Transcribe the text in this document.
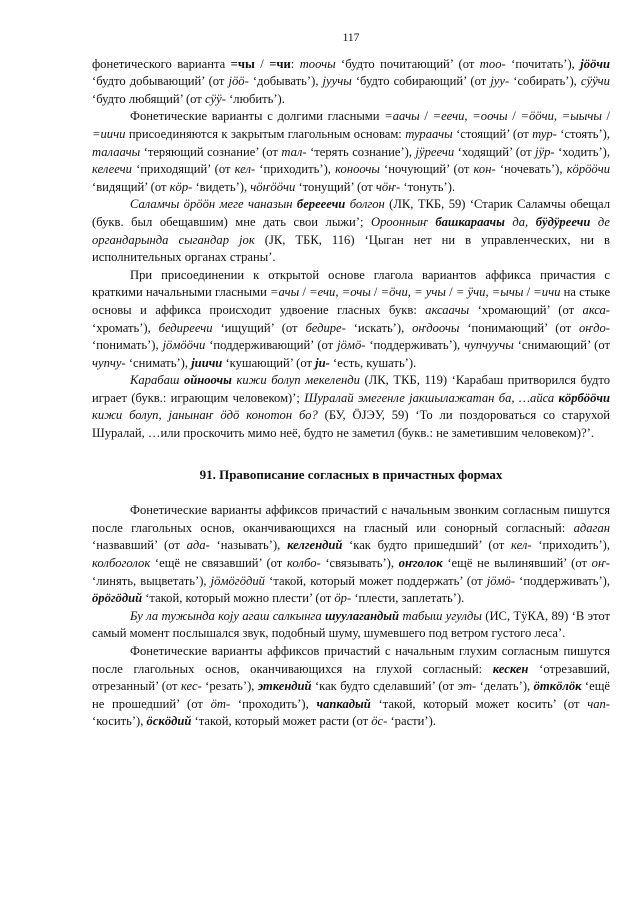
117

фонетического варианта =чы / =чи: тоочы ‘будто почитающий’ (от тоо- ‘почитать’), јööчи ‘будто добывающий’ (от јöö- ‘добывать’), јуучы ‘будто собирающий’ (от јуу- ‘собирать’), сÿÿчи ‘будто любящий’ (от сÿÿ- ‘любить’).

Фонетические варианты с долгими гласными =аачы / =еечи, =оочы / =ööчи, =ыычы / =иичи присоединяются к закрытым глагольным основам: тураачы ‘стоящий’ (от тур- ‘стоять’), талаачы ‘теряющий сознание’ (от тал- ‘терять сознание’), јÿреечи ‘ходящий’ (от јÿр- ‘ходить’), келеечи ‘приходящий’ (от кел- ‘приходить’), коноочы ‘ночующий’ (от кон- ‘ночевать’), кöрööчи ‘видящий’ (от кöр- ‘видеть’), чöҥööчи ‘тонущий’ (от чöҥ- ‘тонуть’).

Саламчы öрööн меге чаназын берееечи болгон (ЛК, ТКБ, 59) ‘Старик Саламчы обещал (букв. был обещавшим) мне дать свои лыжи’; Ороонныҥ башкараачы да, бÿдÿреечи де органдарында сыгандар јок (ЈК, ТБК, 116) ‘Цыган нет ни в управленческих, ни в исполнительных органах страны’.

При присоединении к открытой основе глагола вариантов аффикса причастия с краткими начальными гласными =ачы / =ечи, =очы / =öчи, = учы / = ÿчи, =ычы / =ичи на стыке основы и аффикса происходит удвоение гласных букв: аксаачы ‘хромающий’ (от акса- ‘хромать’), бедиреечи ‘ищущий’ (от бедире- ‘искать’), оҥдоочы ‘понимающий’ (от оҥдо- ‘понимать’), јöмööчи ‘поддерживающий’ (от јöмö- ‘поддерживать’), чупчуучы ‘снимающий’ (от чупчу- ‘снимать’), јиичи ‘кушающий’ (от јu- ‘есть, кушать’).

Карабаш ойноочы кижи болуп мекеленди (ЛК, ТКБ, 119) ‘Карабаш притворился будто играет (букв.: играющим человеком)’; Шуралай эмегенле јакшылажатан ба, …айса кöрбööчи кижи болуп, јанынаҥ öдö конотон бо? (БУ, ÖЈЭУ, 59) ‘То ли поздороваться со старухой Шуралай, …или проскочить мимо неё, будто не заметил (букв.: не заметившим человеком)?’.

91. Правописание согласных в причастных формах

Фонетические варианты аффиксов причастий с начальным звонким согласным пишутся после глагольных основ, оканчивающихся на гласный или сонорный согласный: адаган ‘назвавший’ (от ада- ‘называть’), келгендий ‘как будто пришедший’ (от кел- ‘приходить’), колбоголок ‘ещё не связавший’ (от колбо- ‘связывать’), оҥголок ‘ещё не вылинявший’ (от оҥ- ‘линять, выцветать’), јöмöгöдий ‘такой, который может поддержать’ (от јöмö- ‘поддерживать’), öрöгöдий ‘такой, который можно плести’ (от öр- ‘плести, заплетать’).

Бу ла тужында коjу агаш салкынга шуулагандый табыш угулды (ИС, ТÿКА, 89) ‘В этот самый момент послышался звук, подобный шуму, шумевшего под ветром густого леса’.

Фонетические варианты аффиксов причастий с начальным глухим согласным пишутся после глагольных основ, оканчивающихся на глухой согласный: кескен ‘отрезавший, отрезанный’ (от кес- ‘резать’), эткендий ‘как будто сделавший’ (от эт- ‘делать’), öткöлöк ‘ещё не прошедший’ (от öт- ‘проходить’), чапкадый ‘такой, который может косить’ (от чап- ‘косить’), öскöдий ‘такой, который может расти (от öс- ‘расти’).
